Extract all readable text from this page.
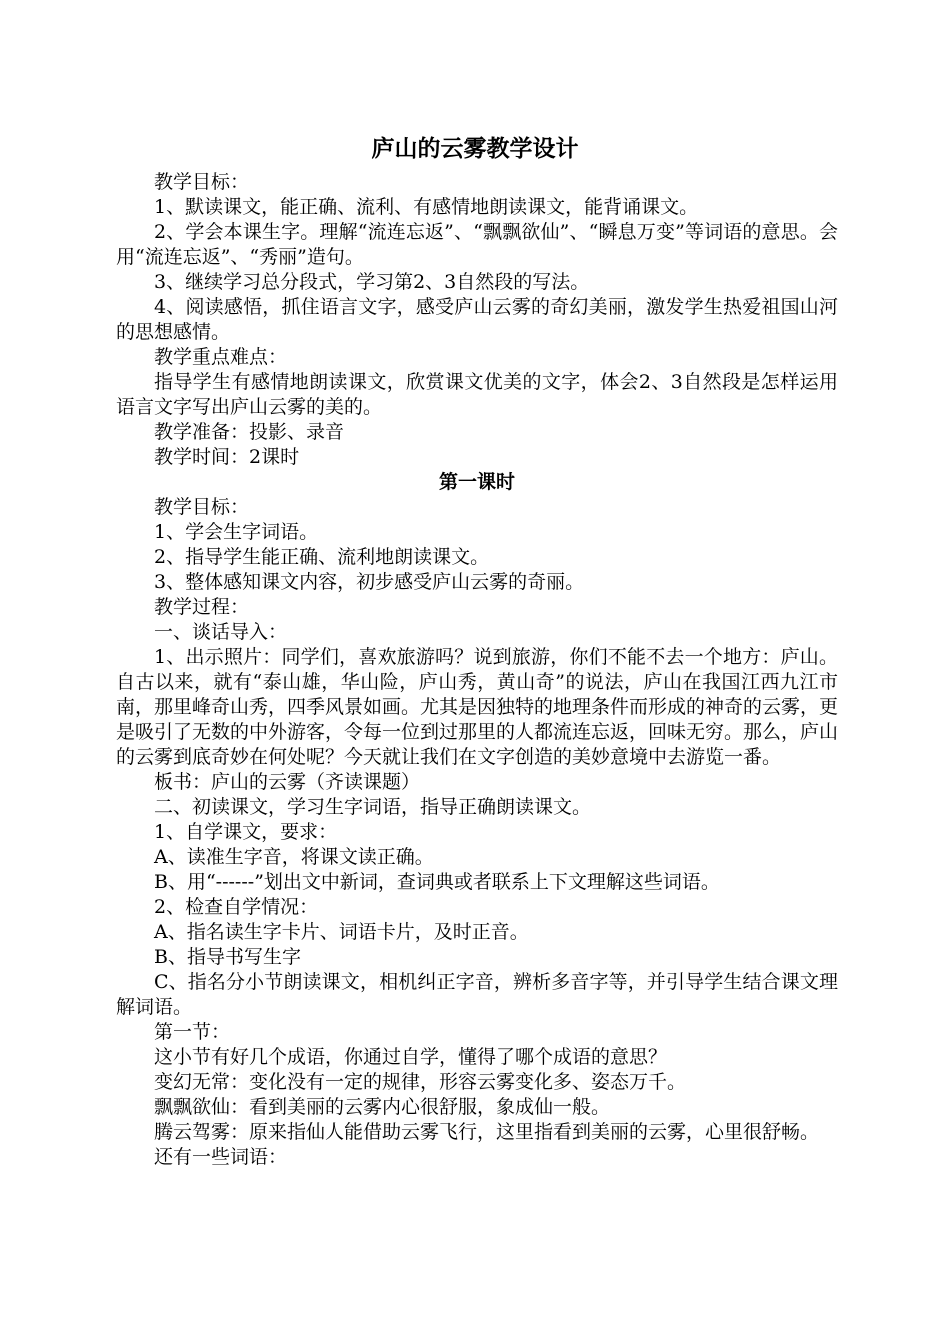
庐山的云雾教学设计

教学目标：

1、默读课文，能正确、流利、有感情地朗读课文，能背诵课文。

2、学会本课生字。理解“流连忘返”、“飘飘欲仙”、“瞬息万变”等词语的意思。会用“流连忘返”、“秀丽”造句。

3、继续学习总分段式，学习第2、3自然段的写法。

4、阅读感悟，抓住语言文字，感受庐山云雾的奇幻美丽，激发学生热爱祖国山河的思想感情。

教学重点难点：

指导学生有感情地朗读课文，欣赏课文优美的文字，体会2、3自然段是怎样运用语言文字写出庐山云雾的美的。

教学准备：投影、录音

教学时间：2课时

第一课时

教学目标：

1、学会生字词语。

2、指导学生能正确、流利地朗读课文。

3、整体感知课文内容，初步感受庐山云雾的奇丽。

教学过程：

一、谈话导入：

1、出示照片：同学们，喜欢旅游吗？说到旅游，你们不能不去一个地方：庐山。自古以来，就有“泰山雄，华山险，庐山秀，黄山奇”的说法，庐山在我国江西九江市南，那里峰奇山秀，四季风景如画。尤其是因独特的地理条件而形成的神奇的云雾，更是吸引了无数的中外游客，令每一位到过那里的人都流连忘返，回味无穷。那么，庐山的云雾到底奇妙在何处呢？今天就让我们在文字创造的美妙意境中去游览一番。

板书：庐山的云雾（齐读课题）

二、初读课文，学习生字词语，指导正确朗读课文。

1、自学课文，要求：

A、读准生字音，将课文读正确。

B、用“------”划出文中新词，查词典或者联系上下文理解这些词语。

2、检查自学情况：

A、指名读生字卡片、词语卡片，及时正音。

B、指导书写生字

C、指名分小节朗读课文，相机纠正字音，辨析多音字等，并引导学生结合课文理解词语。

第一节：

这小节有好几个成语，你通过自学，懂得了哪个成语的意思？

变幻无常：变化没有一定的规律，形容云雾变化多、姿态万千。

飘飘欲仙：看到美丽的云雾内心很舒服，象成仙一般。

腾云驾雾：原来指仙人能借助云雾飞行，这里指看到美丽的云雾，心里很舒畅。

还有一些词语：
